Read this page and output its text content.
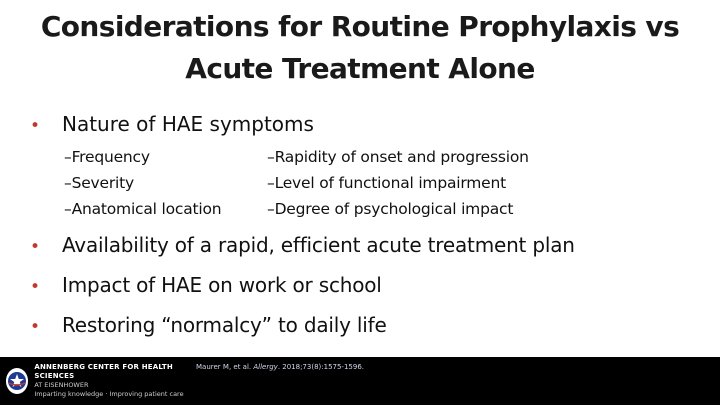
Considerations for Routine Prophylaxis vs
Acute Treatment Alone
•	Nature of HAE symptoms
–Frequency
–Severity
–Anatomical location
–Rapidity of onset and progression
–Level of functional impairment
–Degree of psychological impact
•	Availability of a rapid, efficient acute treatment plan
•	Impact of HAE on work or school
•	Restoring “normalcy” to daily life
ANNENBERG CENTER FOR HEALTH SCIENCES
AT EISENHOWER
Imparting knowledge · Improving patient care
Maurer M, et al. Allergy. 2018;73(8):1575-1596.
